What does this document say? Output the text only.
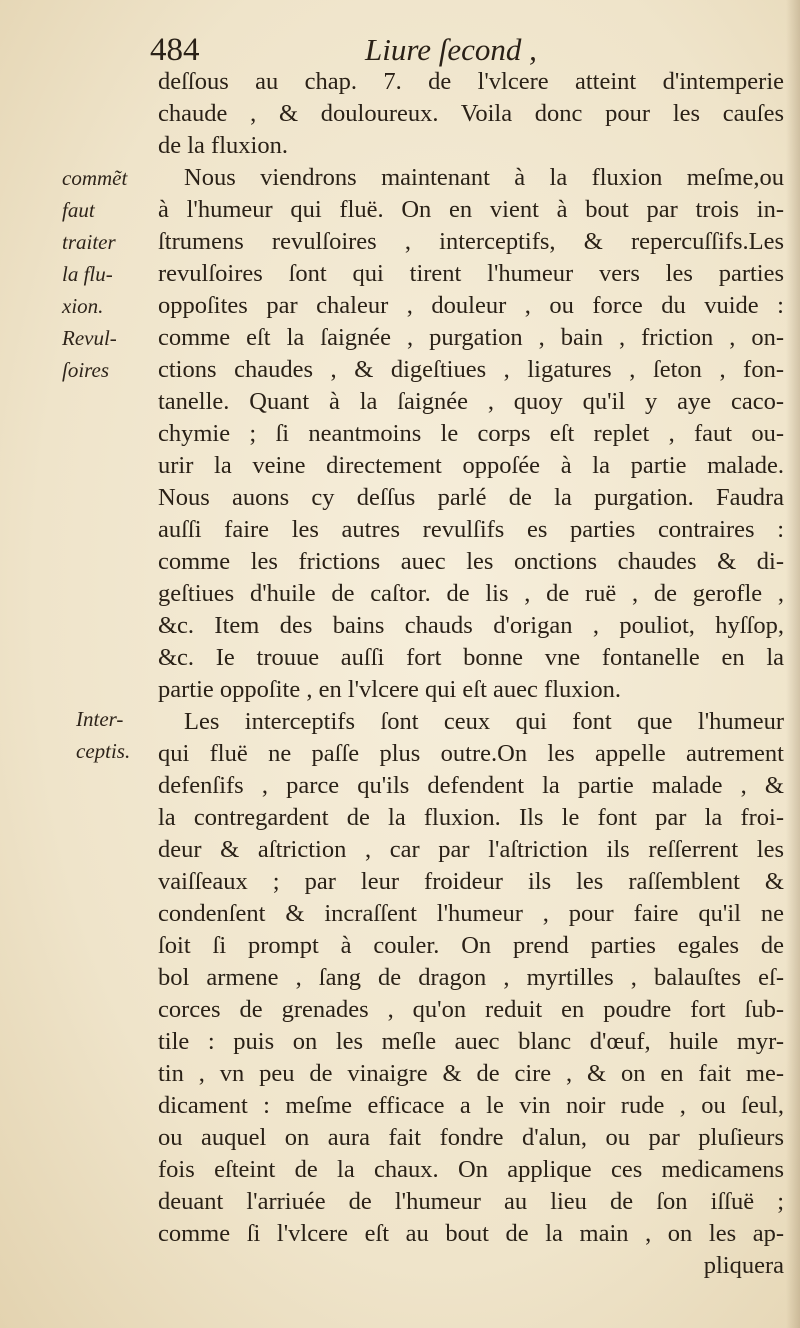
484	Liure ſecond ,
commẽt
faut
traiter
la flu-
xion.
Revul-
ſoires
Inter-
ceptis.
deſſous au chap. 7. de l'vlcere atteint d'intemperie
chaude , & douloureux. Voila donc pour les cauſes
de la fluxion.
Nous viendrons maintenant à la fluxion meſme,ou
à l'humeur qui fluë. On en vient à bout par trois in-
ſtrumens revulſoires , interceptifs, & repercuſſifs.Les
revulſoires ſont qui tirent l'humeur vers les parties
oppoſites par chaleur , douleur , ou force du vuide :
comme eſt la ſaignée , purgation , bain , friction , on-
ctions chaudes , & digeſtiues , ligatures , ſeton , fon-
tanelle. Quant à la ſaignée , quoy qu'il y aye caco-
chymie ; ſi neantmoins le corps eſt replet , faut ou-
urir la veine directement oppoſée à la partie malade.
Nous auons cy deſſus parlé de la purgation. Faudra
auſſi faire les autres revulſifs es parties contraires :
comme les frictions auec les onctions chaudes & di-
geſtiues d'huile de caſtor. de lis , de ruë , de gerofle ,
&c. Item des bains chauds d'origan , pouliot, hyſſop,
&c. Ie trouue auſſi fort bonne vne fontanelle en la
partie oppoſite , en l'vlcere qui eſt auec fluxion.
Les interceptifs ſont ceux qui font que l'humeur
qui fluë ne paſſe plus outre.On les appelle autrement
defenſifs , parce qu'ils defendent la partie malade , &
la contregardent de la fluxion. Ils le font par la froi-
deur & aſtriction , car par l'aſtriction ils reſſerrent les
vaiſſeaux ; par leur froideur ils les raſſemblent &
condenſent & incraſſent l'humeur , pour faire qu'il ne
ſoit ſi prompt à couler. On prend parties egales de
bol armene , ſang de dragon , myrtilles , balauſtes eſ-
corces de grenades , qu'on reduit en poudre fort ſub-
tile : puis on les meſle auec blanc d'œuf, huile myr-
tin , vn peu de vinaigre & de cire , & on en fait me-
dicament : meſme efficace a le vin noir rude , ou ſeul,
ou auquel on aura fait fondre d'alun, ou par pluſieurs
fois eſteint de la chaux. On applique ces medicamens
deuant l'arriuée de l'humeur au lieu de ſon iſſuë ;
comme ſi l'vlcere eſt au bout de la main , on les ap-
pliquera
